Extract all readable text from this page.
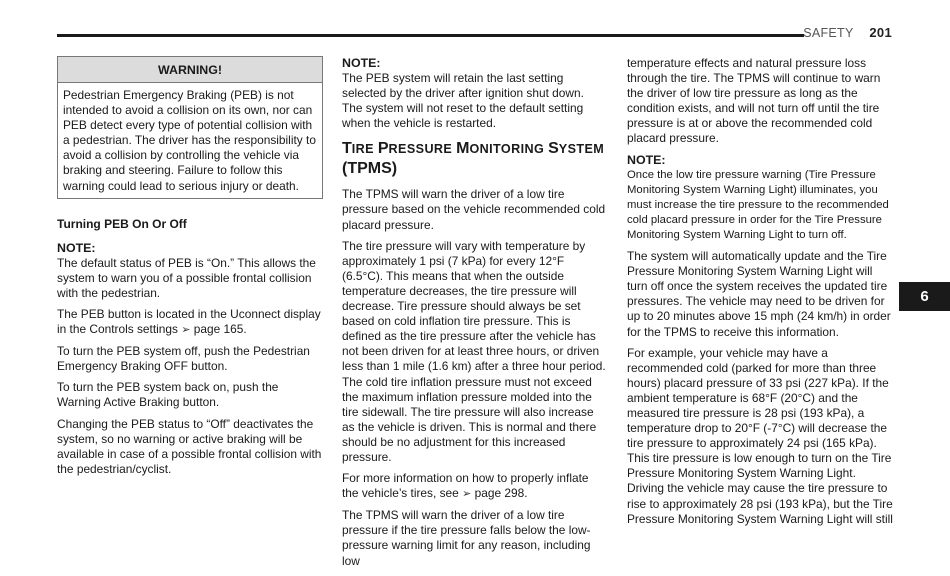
SAFETY 201
WARNING!
Pedestrian Emergency Braking (PEB) is not intended to avoid a collision on its own, nor can PEB detect every type of potential collision with a pedestrian. The driver has the responsibility to avoid a collision by controlling the vehicle via braking and steering. Failure to follow this warning could lead to serious injury or death.
Turning PEB On Or Off
NOTE:

The default status of PEB is “On.” This allows the system to warn you of a possible frontal collision with the pedestrian.

The PEB button is located in the Uconnect display in the Controls settings ➢ page 165.

To turn the PEB system off, push the Pedestrian Emergency Braking OFF button.

To turn the PEB system back on, push the Warning Active Braking button.

Changing the PEB status to “Off” deactivates the system, so no warning or active braking will be available in case of a possible frontal collision with the pedestrian/cyclist.

NOTE:

The PEB system will retain the last setting selected by the driver after ignition shut down. The system will not reset to the default setting when the vehicle is restarted.

TIRE PRESSURE MONITORING SYSTEM
(TPMS)

The TPMS will warn the driver of a low tire pressure based on the vehicle recommended cold placard pressure.

The tire pressure will vary with temperature by approximately 1 psi (7 kPa) for every 12°F (6.5°C). This means that when the outside temperature decreases, the tire pressure will decrease. Tire pressure should always be set based on cold inflation tire pressure. This is defined as the tire pressure after the vehicle has not been driven for at least three hours, or driven less than 1 mile (1.6 km) after a three hour period. The cold tire inflation pressure must not exceed the maximum inflation pressure molded into the tire sidewall. The tire pressure will also increase as the vehicle is driven. This is normal and there should be no adjustment for this increased pressure.

For more information on how to properly inflate the vehicle’s tires, see ➢ page 298.

The TPMS will warn the driver of a low tire pressure if the tire pressure falls below the low-pressure warning limit for any reason, including low

temperature effects and natural pressure loss through the tire. The TPMS will continue to warn the driver of low tire pressure as long as the condition exists, and will not turn off until the tire pressure is at or above the recommended cold placard pressure.

NOTE:

Once the low tire pressure warning (Tire Pressure Monitoring System Warning Light) illuminates, you must increase the tire pressure to the recommended cold placard pressure in order for the Tire Pressure Monitoring System Warning Light to turn off.

The system will automatically update and the Tire Pressure Monitoring System Warning Light will turn off once the system receives the updated tire pressures. The vehicle may need to be driven for up to 20 minutes above 15 mph (24 km/h) in order for the TPMS to receive this information.

For example, your vehicle may have a recommended cold (parked for more than three hours) placard pressure of 33 psi (227 kPa). If the ambient temperature is 68°F (20°C) and the measured tire pressure is 28 psi (193 kPa), a temperature drop to 20°F (-7°C) will decrease the tire pressure to approximately 24 psi (165 kPa). This tire pressure is low enough to turn on the Tire Pressure Monitoring System Warning Light. Driving the vehicle may cause the tire pressure to rise to approximately 28 psi (193 kPa), but the Tire Pressure Monitoring System Warning Light will still

6
